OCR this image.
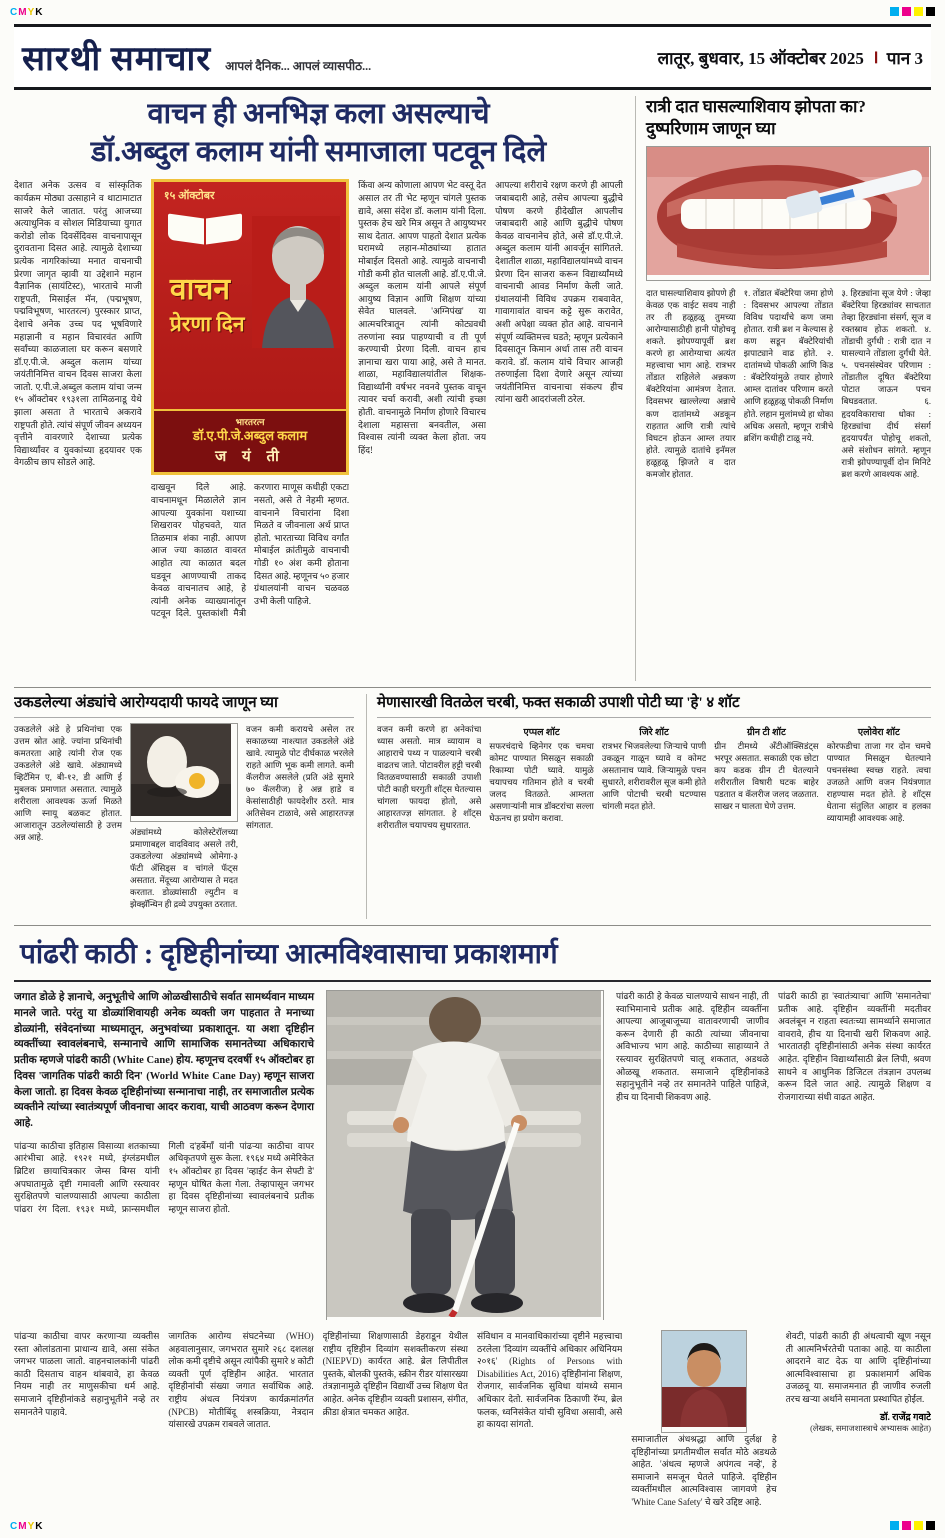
CMYK
सारथी समाचार आपलं दैनिक... आपलं व्यासपीठ...	लातूर, बुधवार, 15 ऑक्टोबर 2025 । पान 3
वाचन ही अनभिज्ञ कला असल्याचे
डॉ.अब्दुल कलाम यांनी समाजाला पटवून दिले
देशात अनेक उत्सव व सांस्कृतिक कार्यक्रम मोठ्या उत्साहाने व थाटामाटात साजरे केले जातात. परंतु आजच्या अत्याधुनिक व सोशल मिडियाच्या युगात करोडो लोक दिवसेंदिवस वाचनापासून दुरावताना दिसत आहे. त्यामुळे देशाच्या प्रत्येक नागरिकांच्या मनात वाचनाची प्रेरणा जागृत व्हावी या उद्देशाने महान वैज्ञानिक (सायंटिस्ट), भारताचे माजी राष्ट्रपती, मिसाईल मॅन, (पद्मभूषण, पद्मविभूषण, भारतरत्न) पुरस्कार प्राप्त, देशाचे अनेक उच्च पद भूषविणारे महाज्ञानी व महान विचारवंत आणि सर्वांच्या काळजाला घर करून बसणारे डॉ.ए.पी.जे. अब्दुल कलाम यांच्या जयंतीनिमित्त वाचन दिवस साजरा केला जातो. ए.पी.जे.अब्दुल कलाम यांचा जन्म १५ ऑक्टोबर १९३१ला तामिळनाडू येथे झाला असता ते भारताचे अकरावे राष्ट्रपती होते. त्यांचं संपूर्ण जीवन अध्ययन वृत्तीने वावरणारे देशाच्या प्रत्येक विद्यार्थ्यांवर व युवकांच्या हृदयावर एक वेगळीच छाप सोडले आहे.
१५ ऑक्टोबर
वाचन
प्रेरणा दिन
भारतरत्न
डॉ.ए.पी.जे.अब्दुल कलाम
ज यं ती
दाखवून दिले आहे. वाचनामधून मिळालेले ज्ञान आपल्या युवकांना यशाच्या शिखरावर पोहचवते, यात तिळमात्र शंका नाही. आपण आज ज्या काळात वावरत आहोत त्या काळात बदल घडवून आणण्याची ताकद केवळ वाचनातच आहे, हे त्यांनी अनेक व्याख्यानांतून पटवून दिले. पुस्तकांशी मैत्री करणारा माणूस कधीही एकटा नसतो, असे ते नेहमी म्हणत. वाचनाने विचारांना दिशा मिळते व जीवनाला अर्थ प्राप्त होतो. भारताच्या विविध वर्गांत मोबाईल क्रांतीमुळे वाचनाची गोडी १० अंश कमी होताना दिसत आहे. म्हणूनच ५० हजार ग्रंथालयांनी वाचन चळवळ उभी केली पाहिजे.
किंवा अन्य कोणाला आपण भेट वस्तू देत असाल तर ती भेट म्हणून चांगले पुस्तक द्यावे, असा संदेश डॉ. कलाम यांनी दिला. पुस्तक हेच खरे मित्र असून ते आयुष्यभर साथ देतात. आपण पाहतो देशात प्रत्येक घरामध्ये लहान-मोठ्यांच्या हातात मोबाईल दिसतो आहे. त्यामुळे वाचनाची गोडी कमी होत चालली आहे. डॉ.ए.पी.जे. अब्दुल कलाम यांनी आपले संपूर्ण आयुष्य विज्ञान आणि शिक्षण यांच्या सेवेत घालवले. 'अग्निपंख' या आत्मचरित्रातून त्यांनी कोट्यवधी तरुणांना स्वप्न पाहण्याची व ती पूर्ण करण्याची प्रेरणा दिली. वाचन हाच ज्ञानाचा खरा पाया आहे, असे ते मानत. शाळा, महाविद्यालयांतील शिक्षक-विद्यार्थ्यांनी वर्षभर नवनवे पुस्तक वाचून त्यावर चर्चा करावी, अशी त्यांची इच्छा होती. वाचनामुळे निर्माण होणारे विचारच देशाला महासत्ता बनवतील, असा विश्वास त्यांनी व्यक्त केला होता. जय हिंद!
आपल्या शरीराचे रक्षण करणे ही आपली जबाबदारी आहे, तसेच आपल्या बुद्धीचे पोषण करणे हीदेखील आपलीच जबाबदारी आहे आणि बुद्धीचे पोषण केवळ वाचनानेच होते, असे डॉ.ए.पी.जे. अब्दुल कलाम यांनी आवर्जून सांगितले. देशातील शाळा, महाविद्यालयांमध्ये वाचन प्रेरणा दिन साजरा करून विद्यार्थ्यांमध्ये वाचनाची आवड निर्माण केली जाते. ग्रंथालयांनी विविध उपक्रम राबवावेत, गावागावांत वाचन कट्टे सुरू करावेत, अशी अपेक्षा व्यक्त होत आहे. वाचनाने संपूर्ण व्यक्तिमत्त्व घडते; म्हणून प्रत्येकाने दिवसातून किमान अर्धा तास तरी वाचन करावे. डॉ. कलाम यांचे विचार आजही तरुणाईला दिशा देणारे असून त्यांच्या जयंतीनिमित्त वाचनाचा संकल्प हीच त्यांना खरी आदरांजली ठरेल.
रात्री दात घासल्याशिवाय झोपता का? दुष्परिणाम जाणून घ्या
दात घासल्याशिवाय झोपणे ही केवळ एक वाईट सवय नाही तर ती हळूहळू तुमच्या आरोग्यासाठीही हानी पोहोचवू शकते. झोपण्यापूर्वी ब्रश करणे हा आरोग्याचा अत्यंत महत्त्वाचा भाग आहे. रात्रभर तोंडात राहिलेले अन्नकण बॅक्टेरियांना आमंत्रण देतात. दिवसभर खाल्लेल्या अन्नाचे कण दातांमध्ये अडकून राहतात आणि रात्री त्यांचे विघटन होऊन आम्ल तयार होते. त्यामुळे दातांचे इनॅमल हळूहळू झिजते व दात कमजोर होतात.
१. तोंडात बॅक्टेरिया जमा होणे : दिवसभर आपल्या तोंडात विविध पदार्थांचे कण जमा होतात. रात्री ब्रश न केल्यास हे कण सडून बॅक्टेरियांची झपाट्याने वाढ होते. २. दातांमध्ये पोकळी आणि किड : बॅक्टेरियांमुळे तयार होणारे आम्ल दातांवर परिणाम करते आणि हळूहळू पोकळी निर्माण होते. लहान मुलांमध्ये हा धोका अधिक असतो, म्हणून रात्रीचे ब्रशिंग कधीही टाळू नये.
३. हिरड्यांना सूज येणे : जेव्हा बॅक्टेरिया हिरड्यांवर साचतात तेव्हा हिरड्यांना संसर्ग, सूज व रक्तस्राव होऊ शकतो. ४. तोंडाची दुर्गंधी : रात्री दात न घासल्याने तोंडाला दुर्गंधी येते. ५. पचनसंस्थेवर परिणाम : तोंडातील दूषित बॅक्टेरिया पोटात जाऊन पचन बिघडवतात. ६. हृदयविकाराचा धोका : हिरड्यांचा दीर्घ संसर्ग हृदयापर्यंत पोहोचू शकतो, असे संशोधन सांगते. म्हणून रात्री झोपण्यापूर्वी दोन मिनिटे ब्रश करणे आवश्यक आहे.
उकडलेल्या अंड्यांचे आरोग्यदायी फायदे जाणून घ्या
उकडलेले अंडे हे प्रथिनांचा एक उत्तम स्रोत आहे. ज्यांना प्रथिनांची कमतरता आहे त्यांनी रोज एक उकडलेले अंडे खावे. अंड्यामध्ये व्हिटॅमिन ए, बी-१२, डी आणि ई मुबलक प्रमाणात असतात. त्यामुळे शरीराला आवश्यक ऊर्जा मिळते आणि स्नायू बळकट होतात. आजारातून उठलेल्यांसाठी हे उत्तम अन्न आहे.
अंड्यांमध्ये कोलेस्टेरॉलच्या प्रमाणाबद्दल वादविवाद असले तरी, उकडलेल्या अंड्यांमध्ये ओमेगा-३ फॅटी ॲसिड्स व चांगले फॅट्स असतात. मेंदूच्या आरोग्यास ते मदत करतात. डोळ्यांसाठी ल्युटीन व झेक्झॅन्थिन ही द्रव्ये उपयुक्त ठरतात.
वजन कमी करायचे असेल तर सकाळच्या नाश्त्यात उकडलेले अंडे खावे. त्यामुळे पोट दीर्घकाळ भरलेले राहते आणि भूक कमी लागते. कमी कॅलरीज असलेले (प्रति अंडे सुमारे ७० कॅलरीज) हे अन्न हाडे व केसांसाठीही फायदेशीर ठरते. मात्र अतिसेवन टाळावे, असे आहारतज्ज्ञ सांगतात.
मेणासारखी वितळेल चरबी, फक्त सकाळी उपाशी पोटी घ्या 'हे' ४ शॉट
वजन कमी करणे हा अनेकांचा ध्यास असतो. मात्र व्यायाम व आहाराचे पथ्य न पाळल्याने चरबी वाढतच जाते. पोटावरील हट्टी चरबी वितळवण्यासाठी सकाळी उपाशी पोटी काही घरगुती शॉट्स घेतल्यास चांगला फायदा होतो, असे आहारतज्ज्ञ सांगतात. हे शॉट्स शरीरातील चयापचय सुधारतात.
एप्पल शॉट
सफरचंदाचे व्हिनेगर एक चमचा कोमट पाण्यात मिसळून सकाळी रिकाम्या पोटी घ्यावे. यामुळे चयापचय गतिमान होते व चरबी जलद वितळते. आम्लता असणाऱ्यांनी मात्र डॉक्टरांचा सल्ला घेऊनच हा प्रयोग करावा.
जिरे शॉट
रात्रभर भिजवलेल्या जिऱ्याचे पाणी उकळून गाळून घ्यावे व कोमट असतानाच प्यावे. जिऱ्यामुळे पचन सुधारते, शरीरावरील सूज कमी होते आणि पोटाची चरबी घटण्यास चांगली मदत होते.
ग्रीन टी शॉट
ग्रीन टीमध्ये अँटीऑक्सिडंट्स भरपूर असतात. सकाळी एक छोटा कप कडक ग्रीन टी घेतल्याने शरीरातील विषारी घटक बाहेर पडतात व कॅलरीज जलद जळतात. साखर न घालता घेणे उत्तम.
एलोवेरा शॉट
कोरफडीचा ताजा गर दोन चमचे पाण्यात मिसळून घेतल्याने पचनसंस्था स्वच्छ राहते. त्वचा उजळते आणि वजन नियंत्रणात राहण्यास मदत होते. हे शॉट्स घेताना संतुलित आहार व हलका व्यायामही आवश्यक आहे.
पांढरी काठी : दृष्टिहीनांच्या आत्मविश्वासाचा प्रकाशमार्ग
जगात डोळे हे ज्ञानाचे, अनुभूतीचे आणि ओळखीसाठीचे सर्वात सामर्थ्यवान माध्यम मानले जाते. परंतु या डोळ्यांशिवायही अनेक व्यक्ती जग पाहतात ते मनाच्या डोळ्यांनी, संवेदनांच्या माध्यमातून, अनुभवांच्या प्रकाशातून. या अशा दृष्टिहीन व्यक्तींच्या स्वावलंबनाचे, सन्मानाचे आणि सामाजिक समानतेच्या अधिकाराचे प्रतीक म्हणजे पांढरी काठी (White Cane) होय. म्हणूनच दरवर्षी १५ ऑक्टोबर हा दिवस 'जागतिक पांढरी काठी दिन' (World White Cane Day) म्हणून साजरा केला जातो. हा दिवस केवळ दृष्टिहीनांच्या सन्मानाचा नाही, तर समाजातील प्रत्येक व्यक्तीने त्यांच्या स्वातंत्र्यपूर्ण जीवनाचा आदर करावा, याची आठवण करून देणारा आहे.
पांढऱ्या काठीचा इतिहास विसाव्या शतकाच्या आरंभीचा आहे. १९२१ मध्ये, इंग्लंडमधील ब्रिटिश छायाचित्रकार जेम्स बिग्स यांनी अपघातामुळे दृष्टी गमावली आणि रस्त्यावर सुरक्षितपणे चालण्यासाठी आपल्या काठीला पांढरा रंग दिला. १९३१ मध्ये, फ्रान्समधील गिली द'हर्बेमाँ यांनी पांढऱ्या काठीचा वापर अधिकृतपणे सुरू केला. १९६४ मध्ये अमेरिकेत १५ ऑक्टोबर हा दिवस 'व्हाईट केन सेफ्टी डे' म्हणून घोषित केला गेला. तेव्हापासून जगभर हा दिवस दृष्टिहीनांच्या स्वावलंबनाचे प्रतीक म्हणून साजरा होतो.
पांढरी काठी हे केवळ चालण्याचे साधन नाही, ती स्वाभिमानाचे प्रतीक आहे. दृष्टिहीन व्यक्तींना आपल्या आजूबाजूच्या वातावरणाची जाणीव करून देणारी ही काठी त्यांच्या जीवनाचा अविभाज्य भाग आहे. काठीच्या साहाय्याने ते रस्त्यावर सुरक्षितपणे चालू शकतात, अडथळे ओळखू शकतात. समाजाने दृष्टिहीनांकडे सहानुभूतीने नव्हे तर समानतेने पाहिले पाहिजे, हीच या दिनाची शिकवण आहे.
पांढरी काठी हा 'स्वातंत्र्याचा' आणि 'समानतेचा' प्रतीक आहे. दृष्टिहीन व्यक्तींनी मदतीवर अवलंबून न राहता स्वतःच्या सामर्थ्याने समाजात वावरावे, हीच या दिनाची खरी शिकवण आहे. भारतातही दृष्टिहीनांसाठी अनेक संस्था कार्यरत आहेत. दृष्टिहीन विद्यार्थ्यांसाठी ब्रेल लिपी, श्रवण साधने व आधुनिक डिजिटल तंत्रज्ञान उपलब्ध करून दिले जात आहे. त्यामुळे शिक्षण व रोजगाराच्या संधी वाढत आहेत.
पांढऱ्या काठीचा वापर करणाऱ्या व्यक्तीस रस्ता ओलांडताना प्राधान्य द्यावे, असा संकेत जगभर पाळला जातो. वाहनचालकांनी पांढरी काठी दिसताच वाहन थांबवावे, हा केवळ नियम नाही तर माणुसकीचा धर्म आहे. समाजाने दृष्टिहीनांकडे सहानुभूतीने नव्हे तर समानतेने पाहावे.
जागतिक आरोग्य संघटनेच्या (WHO) अहवालानुसार, जगभरात सुमारे २६८ दशलक्ष लोक कमी दृष्टीचे असून त्यांपैकी सुमारे ४ कोटी व्यक्ती पूर्ण दृष्टिहीन आहेत. भारतात दृष्टिहीनांची संख्या जगात सर्वाधिक आहे. राष्ट्रीय अंधत्व नियंत्रण कार्यक्रमांतर्गत (NPCB) मोतीबिंदू शस्त्रक्रिया, नेत्रदान यांसारखे उपक्रम राबवले जातात.
दृष्टिहीनांच्या शिक्षणासाठी डेहराडून येथील राष्ट्रीय दृष्टिहीन दिव्यांग सशक्तीकरण संस्था (NIEPVD) कार्यरत आहे. ब्रेल लिपीतील पुस्तके, बोलकी पुस्तके, स्क्रीन रीडर यांसारख्या तंत्रज्ञानामुळे दृष्टिहीन विद्यार्थी उच्च शिक्षण घेत आहेत. अनेक दृष्टिहीन व्यक्ती प्रशासन, संगीत, क्रीडा क्षेत्रात चमकत आहेत.
संविधान व मानवाधिकारांच्या दृष्टीने महत्त्वाचा ठरलेला 'दिव्यांग व्यक्तींचे अधिकार अधिनियम २०१६' (Rights of Persons with Disabilities Act, 2016) दृष्टिहीनांना शिक्षण, रोजगार, सार्वजनिक सुविधा यांमध्ये समान अधिकार देतो. सार्वजनिक ठिकाणी रॅम्प, ब्रेल फलक, ध्वनिसंकेत यांची सुविधा असावी, असे हा कायदा सांगतो.
समाजातील अंधश्रद्धा आणि दुर्लक्ष हे दृष्टिहीनांच्या प्रगतीमधील सर्वात मोठे अडथळे आहेत. 'अंधत्व म्हणजे अपंगत्व नव्हे', हे समाजाने समजून घेतले पाहिजे. दृष्टिहीन व्यक्तींमधील आत्मविश्वास जागवणे हेच 'White Cane Safety' चे खरे उद्दिष्ट आहे.
शेवटी, पांढरी काठी ही अंधत्वाची खूण नसून ती आत्मनिर्भरतेची पताका आहे. या काठीला आदराने वाट देऊ या आणि दृष्टिहीनांच्या आत्मविश्वासाचा हा प्रकाशमार्ग अधिक उजळवू या. समाजमनात ही जाणीव रुजली तरच खऱ्या अर्थाने समानता प्रस्थापित होईल.
डॉ. राजेंद्र गवाटे
(लेखक, समाजशास्त्राचे अभ्यासक आहेत)
CMYK
